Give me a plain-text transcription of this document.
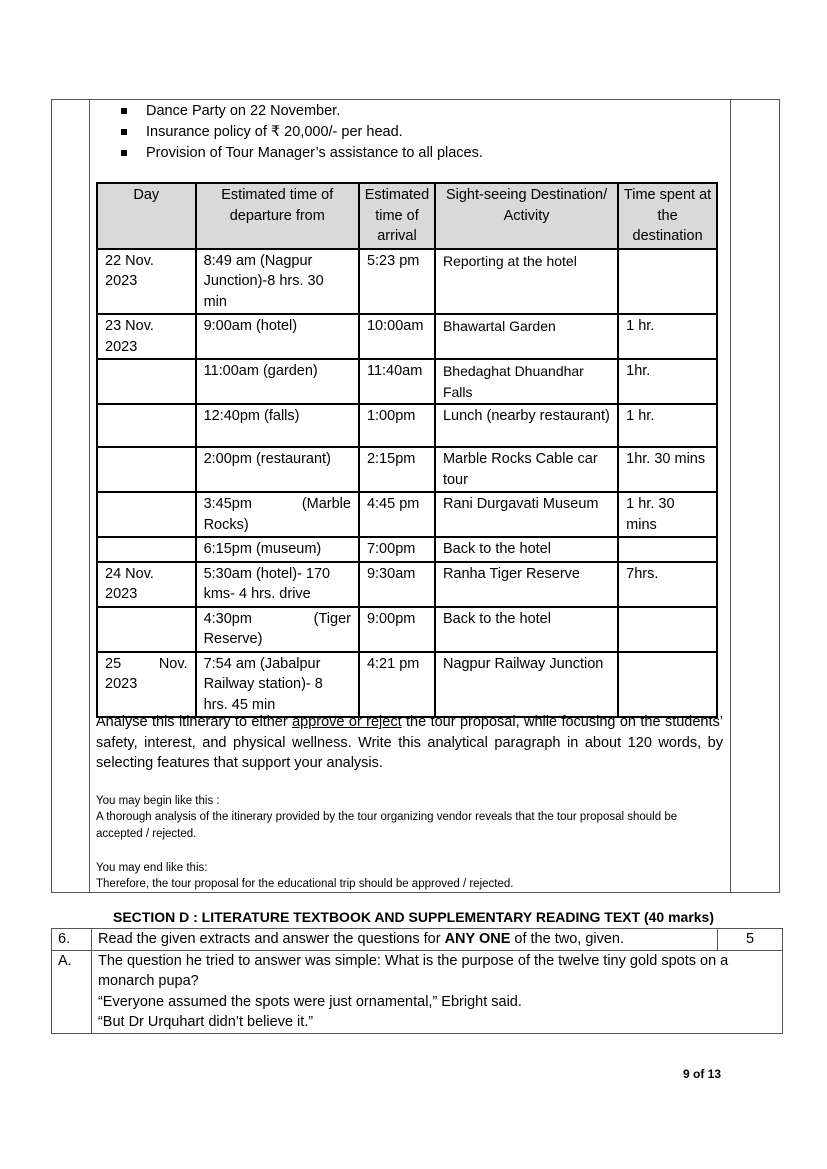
Dance Party on 22 November.
Insurance policy of ₹ 20,000/- per head.
Provision of Tour Manager’s assistance to all places.
Day	Estimated time of departure from	Estimated time of arrival	Sight-seeing Destination/ Activity	Time spent at the destination
22 Nov. 2023	8:49 am (Nagpur Junction)-8 hrs. 30 min	5:23 pm	Reporting at the hotel	
23 Nov. 2023	9:00am (hotel)	10:00am	Bhawartal Garden	1 hr.
	11:00am (garden)	11:40am	Bhedaghat Dhuandhar Falls	1hr.
	12:40pm (falls)	1:00pm	Lunch (nearby restaurant)	1 hr.
	2:00pm (restaurant)	2:15pm	Marble Rocks Cable car tour	1hr. 30 mins
	3:45pm (Marble Rocks)	4:45 pm	Rani Durgavati Museum	1 hr. 30 mins
	6:15pm (museum)	7:00pm	Back to the hotel	
24 Nov. 2023	5:30am (hotel)- 170 kms- 4 hrs. drive	9:30am	Ranha Tiger Reserve	7hrs.
	4:30pm (Tiger Reserve)	9:00pm	Back to the hotel	
25 Nov. 2023	7:54 am (Jabalpur Railway station)- 8 hrs. 45 min	4:21 pm	Nagpur Railway Junction	

Analyse this itinerary to either approve or reject the tour proposal, while focusing on the students’ safety, interest, and physical wellness. Write this analytical paragraph in about 120 words, by selecting features that support your analysis.

You may begin like this :

A thorough analysis of the itinerary provided by the tour organizing vendor reveals that the tour proposal should be accepted / rejected.

You may end like this:

Therefore, the tour proposal for the educational trip should be approved / rejected.

SECTION D : LITERATURE TEXTBOOK AND SUPPLEMENTARY READING TEXT (40 marks)

6.	Read the given extracts and answer the questions for ANY ONE of the two, given.	5
A.	The question he tried to answer was simple: What is the purpose of the twelve tiny gold spots on a monarch pupa?
“Everyone assumed the spots were just ornamental,” Ebright said.
“But Dr Urquhart didn’t believe it.”	

9 of 13
